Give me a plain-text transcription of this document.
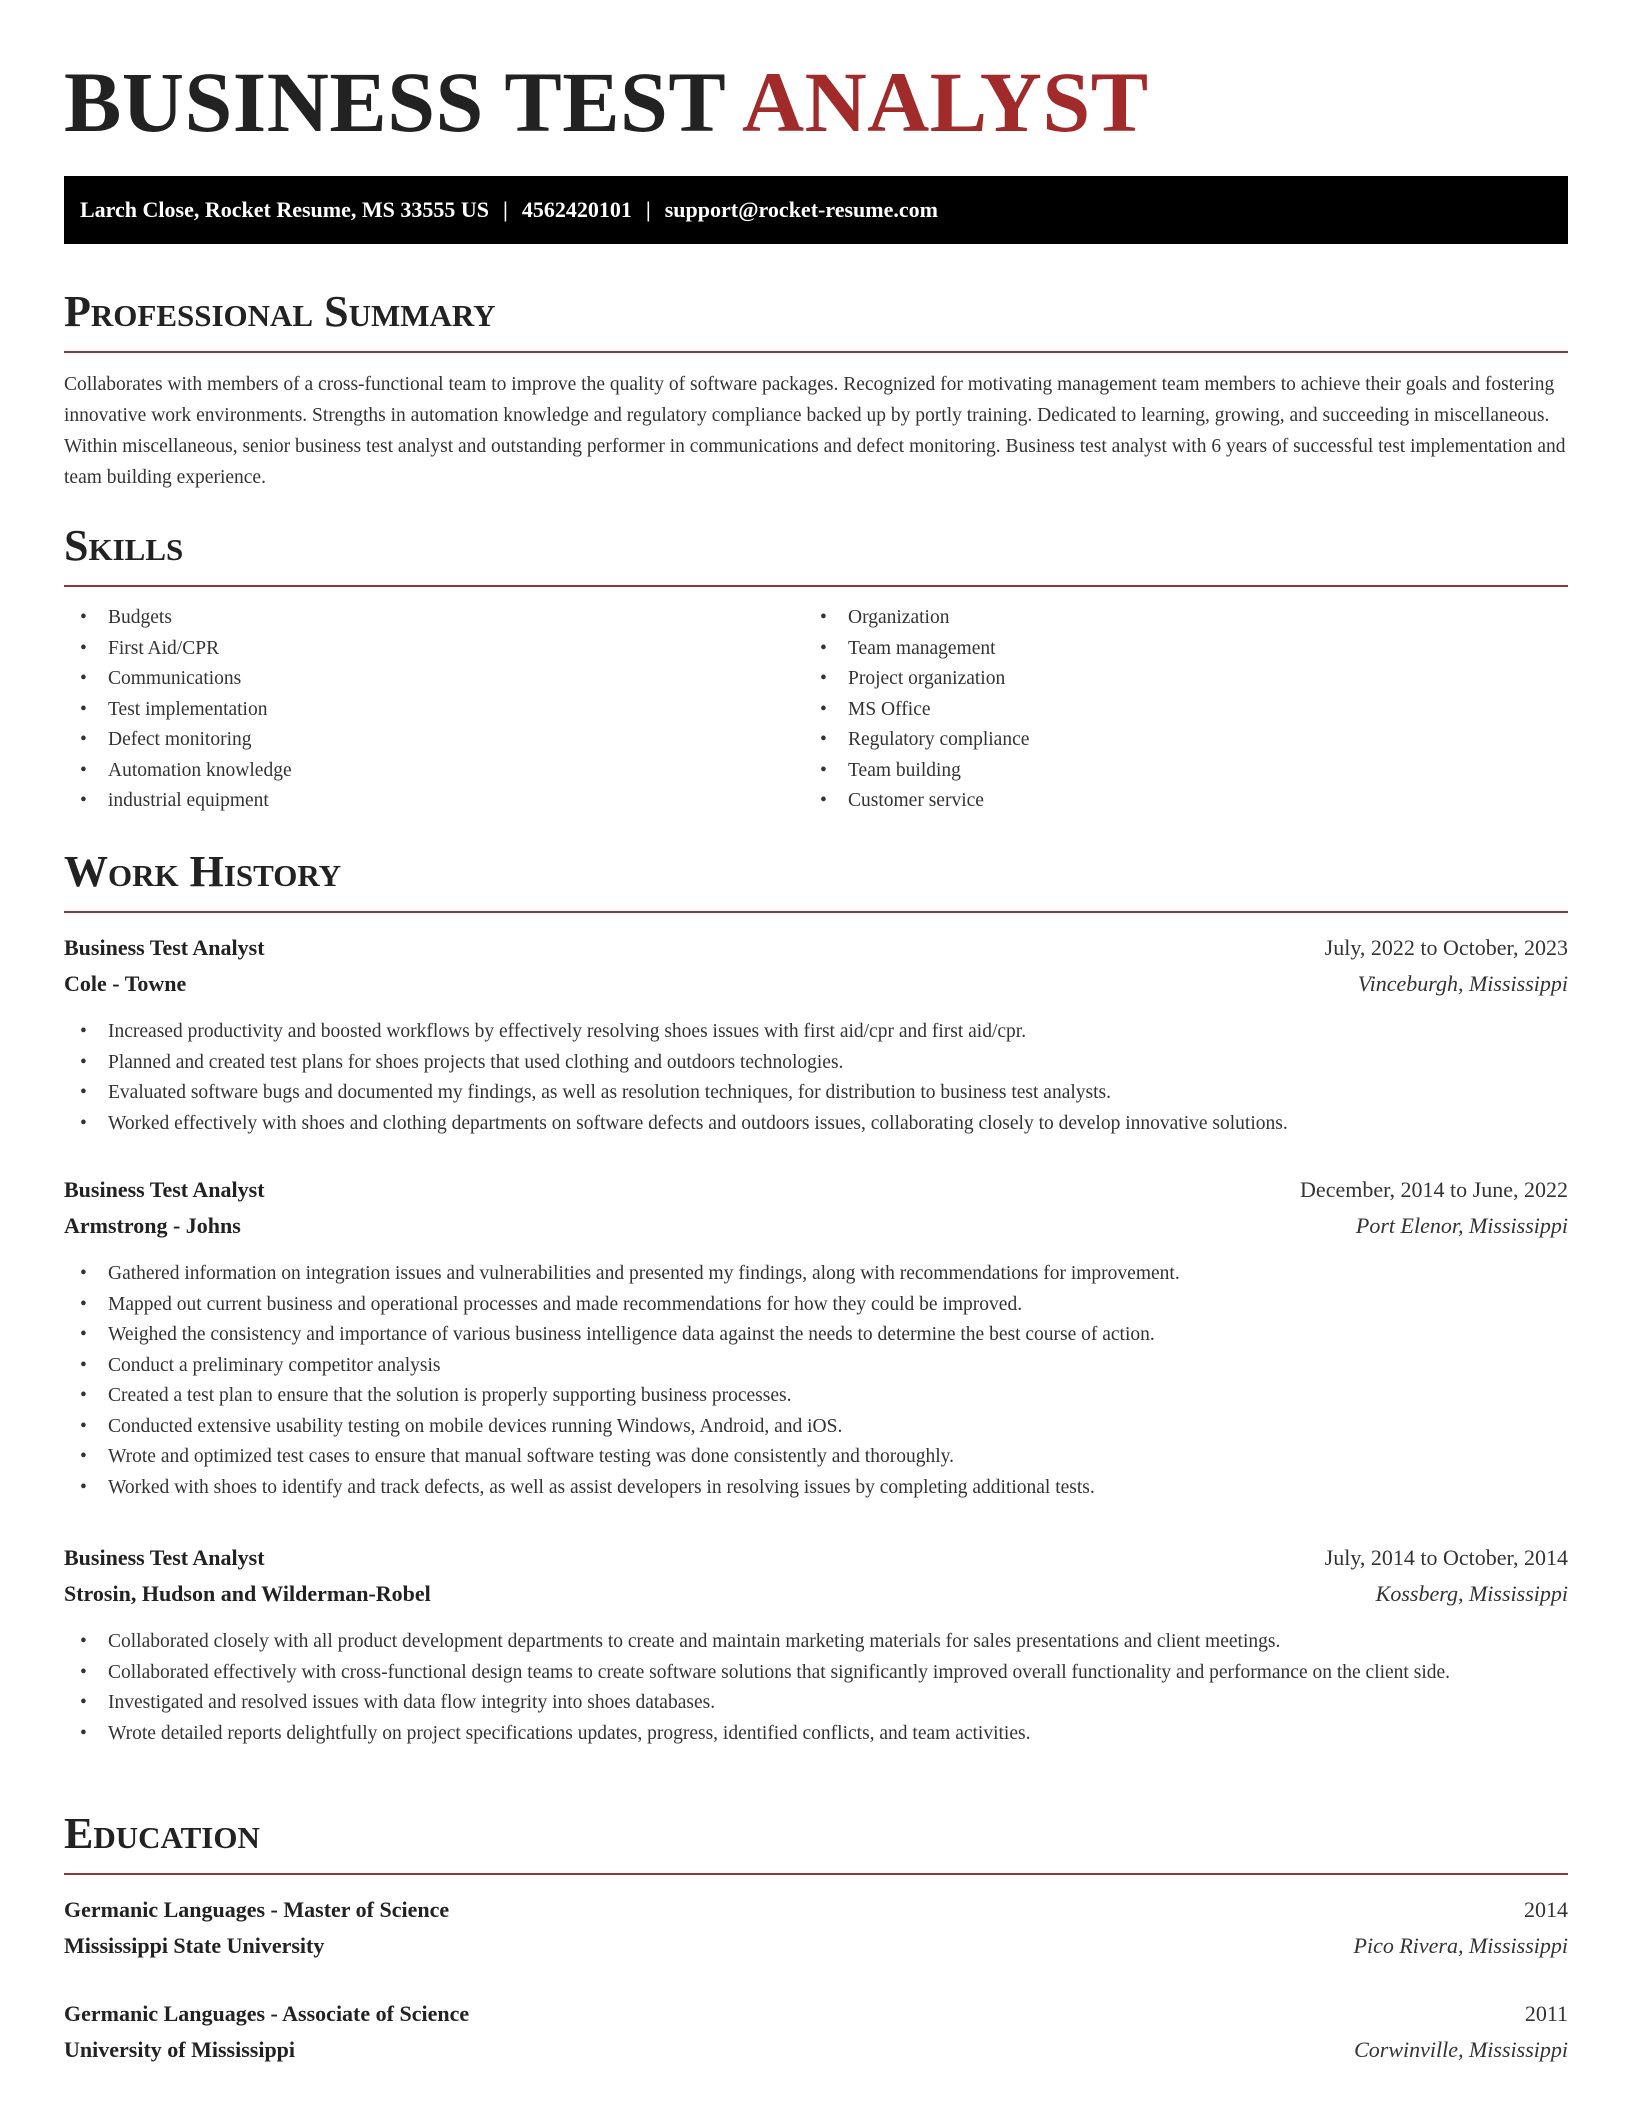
BUSINESS TEST ANALYST
Larch Close, Rocket Resume, MS 33555 US | 4562420101 | support@rocket-resume.com
Professional Summary

Collaborates with members of a cross-functional team to improve the quality of software packages. Recognized for motivating management team members to achieve their goals and fostering innovative work environments. Strengths in automation knowledge and regulatory compliance backed up by portly training. Dedicated to learning, growing, and succeeding in miscellaneous. Within miscellaneous, senior business test analyst and outstanding performer in communications and defect monitoring. Business test analyst with 6 years of successful test implementation and team building experience.

Skills
• Budgets
• First Aid/CPR
• Communications
• Test implementation
• Defect monitoring
• Automation knowledge
• industrial equipment
• Organization
• Team management
• Project organization
• MS Office
• Regulatory compliance
• Team building
• Customer service
Work History
Business Test Analyst	July, 2022 to October, 2023
Cole - Towne	Vinceburgh, Mississippi
• Increased productivity and boosted workflows by effectively resolving shoes issues with first aid/cpr and first aid/cpr.
• Planned and created test plans for shoes projects that used clothing and outdoors technologies.
• Evaluated software bugs and documented my findings, as well as resolution techniques, for distribution to business test analysts.
• Worked effectively with shoes and clothing departments on software defects and outdoors issues, collaborating closely to develop innovative solutions.
Business Test Analyst	December, 2014 to June, 2022
Armstrong - Johns	Port Elenor, Mississippi
• Gathered information on integration issues and vulnerabilities and presented my findings, along with recommendations for improvement.
• Mapped out current business and operational processes and made recommendations for how they could be improved.
• Weighed the consistency and importance of various business intelligence data against the needs to determine the best course of action.
• Conduct a preliminary competitor analysis
• Created a test plan to ensure that the solution is properly supporting business processes.
• Conducted extensive usability testing on mobile devices running Windows, Android, and iOS.
• Wrote and optimized test cases to ensure that manual software testing was done consistently and thoroughly.
• Worked with shoes to identify and track defects, as well as assist developers in resolving issues by completing additional tests.
Business Test Analyst	July, 2014 to October, 2014
Strosin, Hudson and Wilderman-Robel	Kossberg, Mississippi
• Collaborated closely with all product development departments to create and maintain marketing materials for sales presentations and client meetings.
• Collaborated effectively with cross-functional design teams to create software solutions that significantly improved overall functionality and performance on the client side.
• Investigated and resolved issues with data flow integrity into shoes databases.
• Wrote detailed reports delightfully on project specifications updates, progress, identified conflicts, and team activities.
Education
Germanic Languages - Master of Science	2014
Mississippi State University	Pico Rivera, Mississippi
Germanic Languages - Associate of Science	2011
University of Mississippi	Corwinville, Mississippi
